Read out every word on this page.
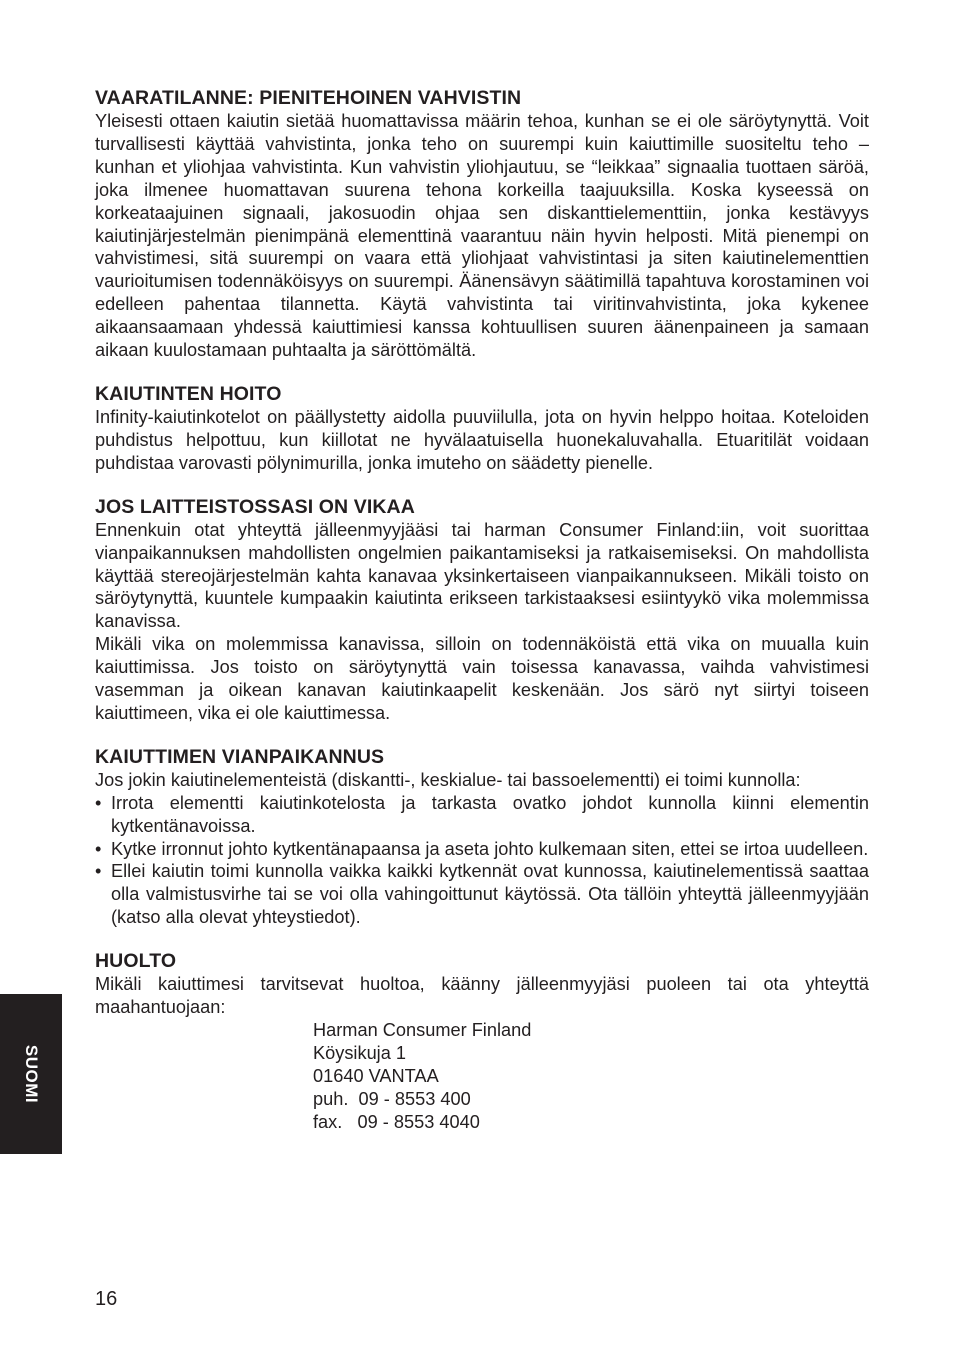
VAARATILANNE: PIENITEHOINEN VAHVISTIN

Yleisesti ottaen kaiutin sietää huomattavissa määrin tehoa, kunhan se ei ole säröytynyttä. Voit turvallisesti käyttää vahvistinta, jonka teho on suurempi kuin kaiuttimille suositeltu teho – kunhan et yliohjaa vahvistinta. Kun vahvistin yliohjautuu, se “leikkaa” signaalia tuottaen säröä, joka ilmenee huomattavan suurena tehona korkeilla taajuuksilla. Koska kyseessä on korkeataajuinen signaali, jakosuodin ohjaa sen diskanttielementtiin, jonka kestävyys kaiutinjärjestelmän pienimpänä elementtinä vaarantuu näin hyvin helposti. Mitä pienempi on vahvistimesi, sitä suurempi on vaara että yliohjaat vahvistintasi ja siten kaiutinelementtien vaurioitumisen todennäköisyys on suurempi. Äänensävyn säätimillä tapahtuva korostaminen voi edelleen pahentaa tilannetta. Käytä vahvistinta tai viritinvahvistinta, joka kykenee aikaansaamaan yhdessä kaiuttimiesi kanssa kohtuullisen suuren äänenpaineen ja samaan aikaan kuulostamaan puhtaalta ja säröttömältä.

KAIUTINTEN HOITO

Infinity-kaiutinkotelot on päällystetty aidolla puuviilulla, jota on hyvin helppo hoitaa. Koteloiden puhdistus helpottuu, kun kiillotat ne hyvälaatuisella huonekaluvahalla. Etuaritilät voidaan puhdistaa varovasti pölynimurilla, jonka imuteho on säädetty pienelle.

JOS LAITTEISTOSSASI ON VIKAA

Ennenkuin otat yhteyttä jälleenmyyjääsi tai harman Consumer Finland:iin, voit suorittaa vianpaikannuksen mahdollisten ongelmien paikantamiseksi ja ratkaisemiseksi. On mahdollista käyttää stereojärjestelmän kahta kanavaa yksinkertaiseen vianpaikannukseen. Mikäli toisto on säröytynyttä, kuuntele kumpaakin kaiutinta erikseen tarkistaaksesi esiintyykö vika molemmissa kanavissa.

Mikäli vika on molemmissa kanavissa, silloin on todennäköistä että vika on muualla kuin kaiuttimissa. Jos toisto on säröytynyttä vain toisessa kanavassa, vaihda vahvistimesi vasemman ja oikean kanavan kaiutinkaapelit keskenään. Jos särö nyt siirtyi toiseen kaiuttimeen, vika ei ole kaiuttimessa.

KAIUTTIMEN VIANPAIKANNUS

Jos jokin kaiutinelementeistä (diskantti-, keskialue- tai bassoelementti) ei toimi kunnolla:

• Irrota elementti kaiutinkotelosta ja tarkasta ovatko johdot kunnolla kiinni elementin kytkentänavoissa.
• Kytke irronnut johto kytkentänapaansa ja aseta johto kulkemaan siten, ettei se irtoa uudelleen.
• Ellei kaiutin toimi kunnolla vaikka kaikki kytkennät ovat kunnossa, kaiutinelementissä saattaa olla valmistusvirhe tai se voi olla vahingoittunut käytössä. Ota tällöin yhteyttä jälleenmyyjään (katso alla olevat yhteystiedot).
HUOLTO

Mikäli kaiuttimesi tarvitsevat huoltoa, käänny jälleenmyyjäsi puoleen tai ota yhteyttä maahantuojaan:

Harman Consumer Finland
Köysikuja 1
01640 VANTAA
puh.  09 - 8553 400
fax.   09 - 8553 4040
SUOMI
16
